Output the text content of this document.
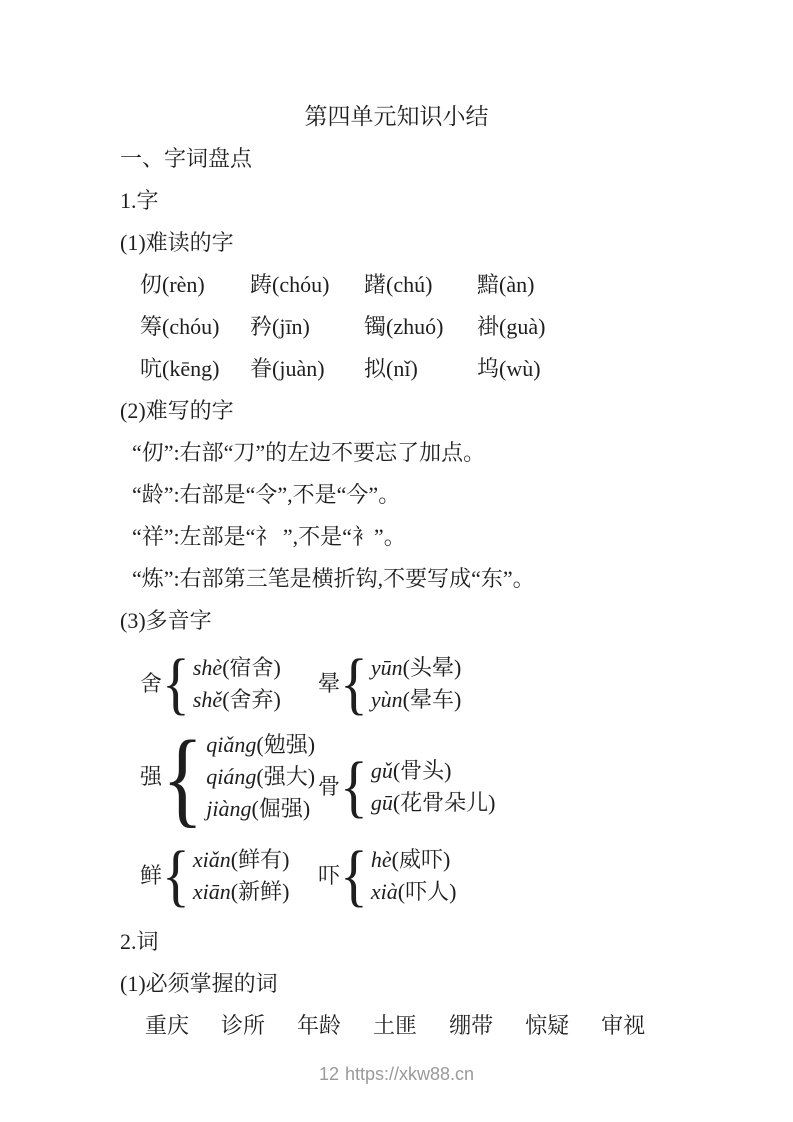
第四单元知识小结
一、字词盘点
1.字
(1)难读的字
仞(rèn)	踌(chóu)	躇(chú)	黯(àn)
筹(chóu)	矜(jīn)	镯(zhuó)	褂(guà)
吭(kēng)	眷(juàn)	拟(nǐ)	坞(wù)
(2)难写的字
“仞”:右部“刀”的左边不要忘了加点。
“龄”:右部是“令”,不是“今”。
“祥”:左部是“礻 ”,不是“衤”。
“炼”:右部第三笔是横折钩,不要写成“东”。
(3)多音字
舍 { shè(宿舍)
shě(舍弃)
晕 { yūn(头晕)
yùn(晕车)
强 { qiǎng(勉强)
qiáng(强大)
jiàng(倔强)
骨 { gǔ(骨头)
gū(花骨朵儿)
鲜 { xiǎn(鲜有)
xiān(新鲜)
吓 { hè(威吓)
xià(吓人)
2.词
(1)必须掌握的词
重庆 诊所 年龄 土匪 绷带 惊疑 审视
12 https://xkw88.cn
